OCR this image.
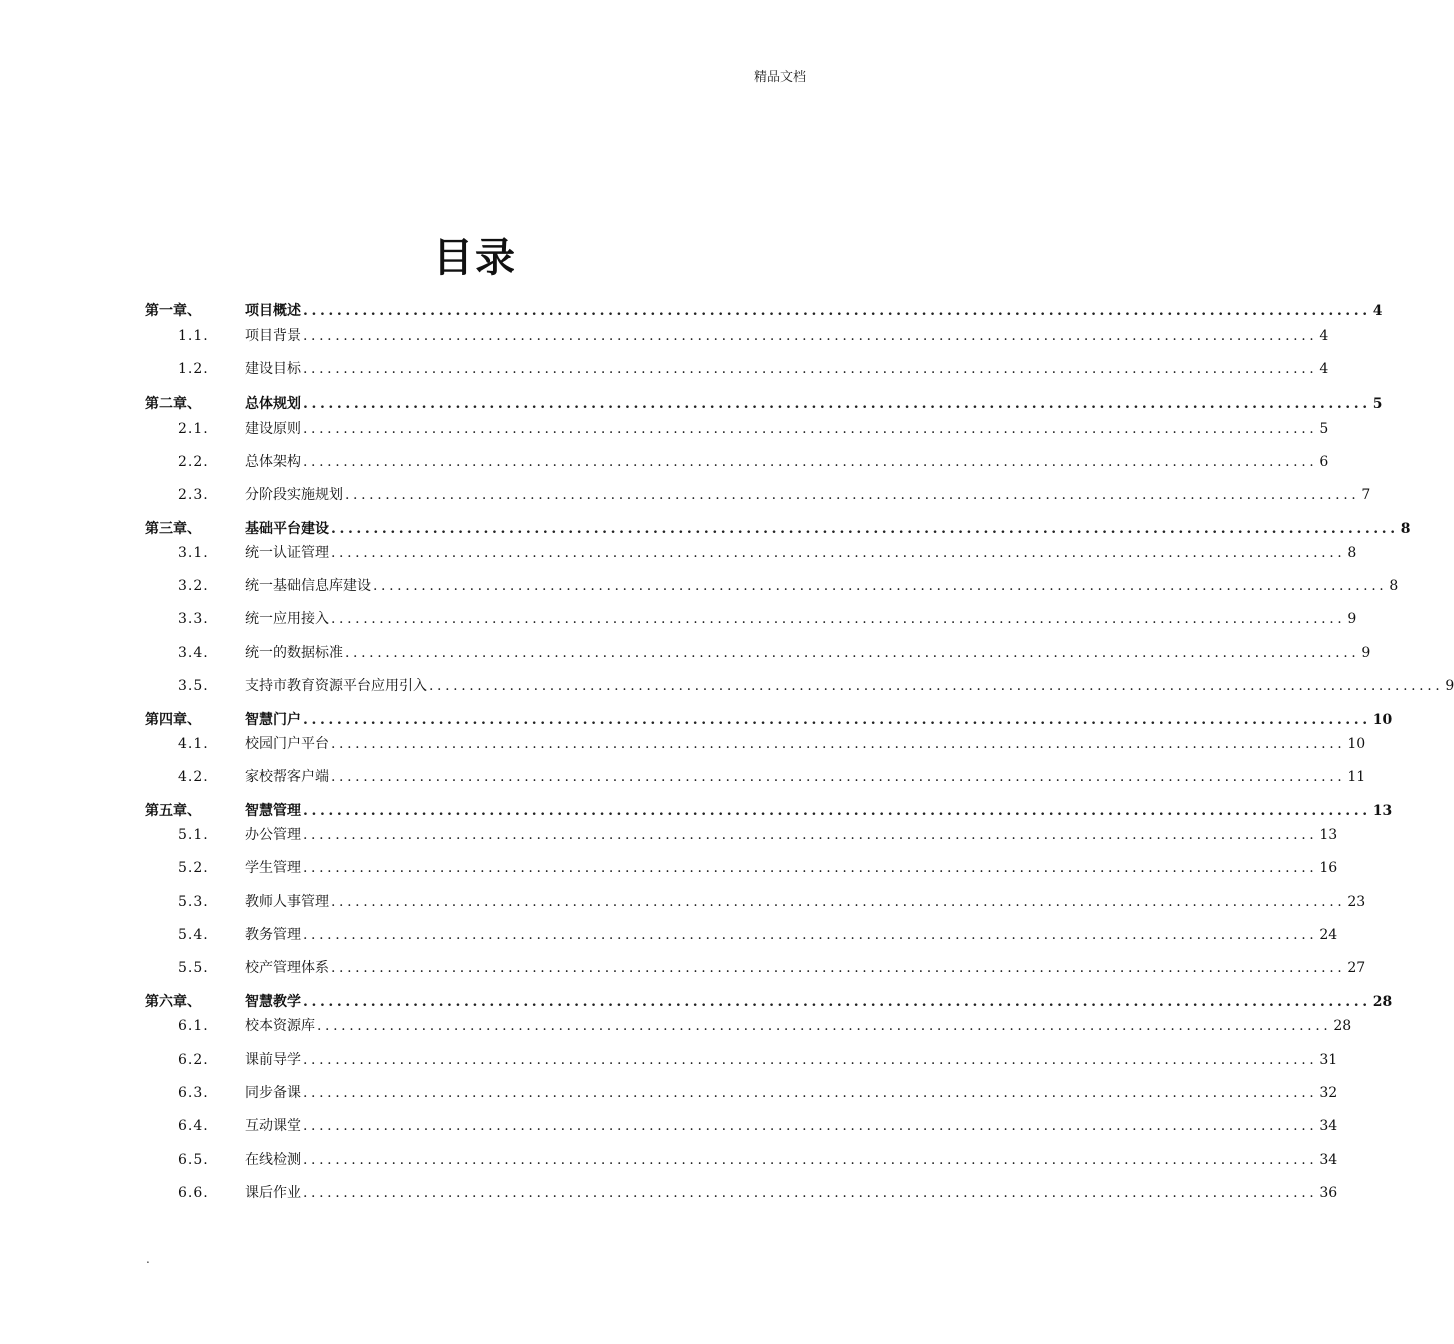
精品文档
目录
第一章、	项目概述 .............................................................................................................................. 4
1.1.	项目背景 .............................................................................................................................. 4
1.2.	建设目标 .............................................................................................................................. 4
第二章、	总体规划 .............................................................................................................................. 5
2.1.	建设原则 .............................................................................................................................. 5
2.2.	总体架构 .............................................................................................................................. 6
2.3.	分阶段实施规划 .............................................................................................................................. 7
第三章、	基础平台建设 .............................................................................................................................. 8
3.1.	统一认证管理 .............................................................................................................................. 8
3.2.	统一基础信息库建设 .............................................................................................................................. 8
3.3.	统一应用接入 .............................................................................................................................. 9
3.4.	统一的数据标准 .............................................................................................................................. 9
3.5.	支持市教育资源平台应用引入 .............................................................................................................................. 9
第四章、	智慧门户 .............................................................................................................................. 10
4.1.	校园门户平台 .............................................................................................................................. 10
4.2.	家校帮客户端 .............................................................................................................................. 11
第五章、	智慧管理 .............................................................................................................................. 13
5.1.	办公管理 .............................................................................................................................. 13
5.2.	学生管理 .............................................................................................................................. 16
5.3.	教师人事管理 .............................................................................................................................. 23
5.4.	教务管理 .............................................................................................................................. 24
5.5.	校产管理体系 .............................................................................................................................. 27
第六章、	智慧教学 .............................................................................................................................. 28
6.1.	校本资源库 .............................................................................................................................. 28
6.2.	课前导学 .............................................................................................................................. 31
6.3.	同步备课 .............................................................................................................................. 32
6.4.	互动课堂 .............................................................................................................................. 34
6.5.	在线检测 .............................................................................................................................. 34
6.6.	课后作业 .............................................................................................................................. 36
.
